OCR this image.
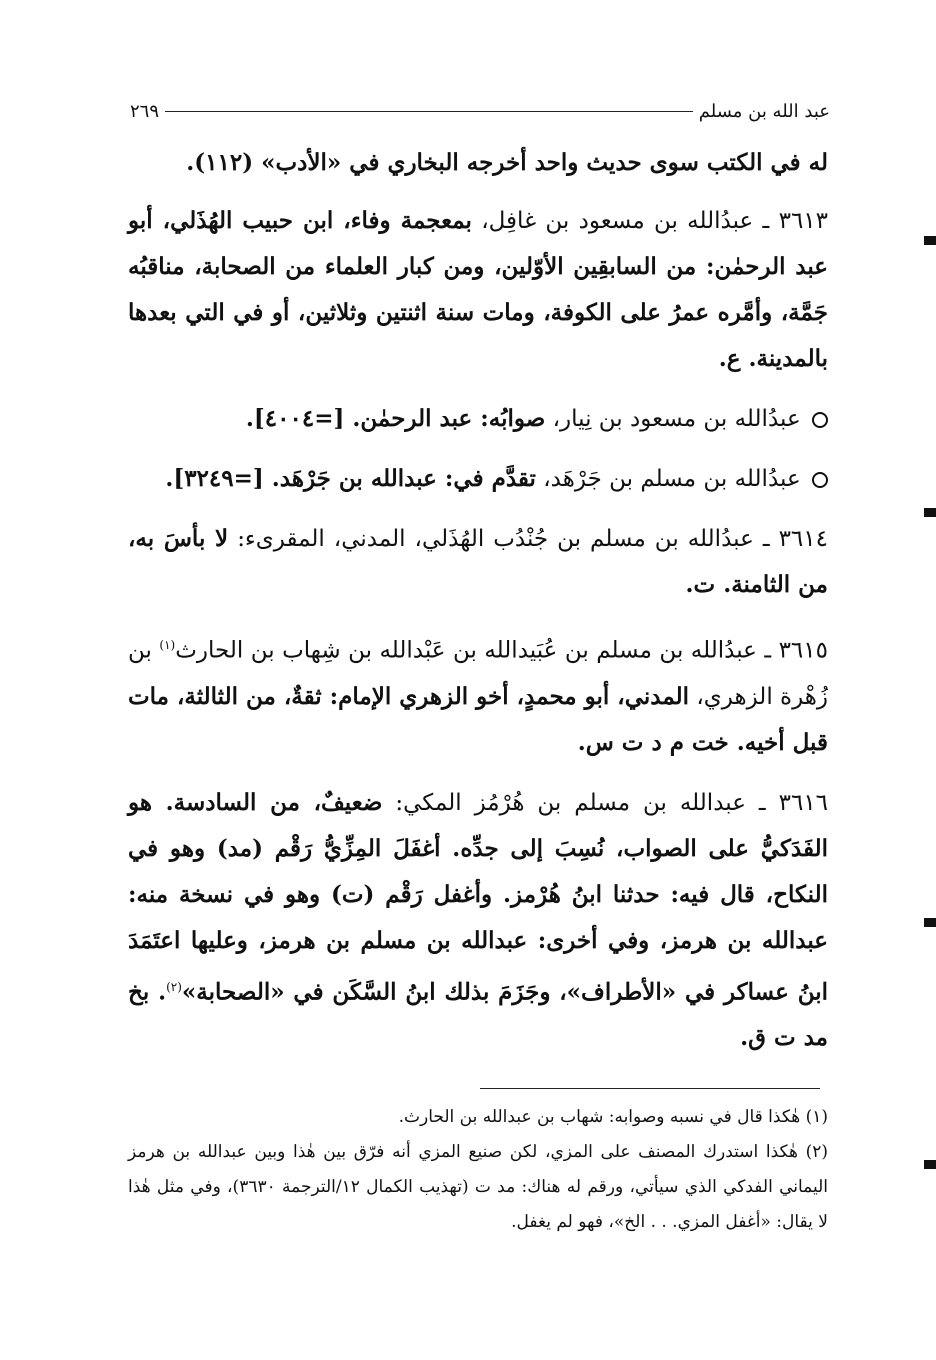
عبد الله بن مسلم
٢٦٩

له في الكتب سوى حديث واحد أخرجه البخاري في «الأدب» (١١٢).

٣٦١٣ ـ عبدُالله بن مسعود بن غافِل، بمعجمة وفاء، ابن حبيب الهُذَلي، أبو عبد الرحمٰن: من السابقِين الأوّلين، ومن كبار العلماء من الصحابة، مناقبُه جَمَّة، وأمَّره عمرُ على الكوفة، ومات سنة اثنتين وثلاثين، أو في التي بعدها بالمدينة. ع.

عبدُالله بن مسعود بن نِيار، صوابُه: عبد الرحمٰن. [=٤٠٠٤].

عبدُالله بن مسلم بن جَرْهَد، تقدَّم في: عبدالله بن جَرْهَد. [=٣٢٤٩].

٣٦١٤ ـ عبدُالله بن مسلم بن جُنْدُب الهُذَلي، المدني، المقرىء: لا بأسَ به، من الثامنة. ت.

٣٦١٥ ـ عبدُالله بن مسلم بن عُبَيدالله بن عَبْدالله بن شِهاب بن الحارث$^{(١)}$ بن زُهْرة الزهري، المدني، أبو محمدٍ، أخو الزهري الإمام: ثقةٌ، من الثالثة، مات قبل أخيه. خت م د ت س.

٣٦١٦ ـ عبدالله بن مسلم بن هُرْمُز المكي: ضعيفٌ، من السادسة. هو الفَدَكيُّ على الصواب، نُسِبَ إلى جدِّه. أغفَلَ المِزِّيُّ رَقْم (مد) وهو في النكاح، قال فيه: حدثنا ابنُ هُرْمز. وأغفل رَقْم (ت) وهو في نسخة منه: عبدالله بن هرمز، وفي أخرى: عبدالله بن مسلم بن هرمز، وعليها اعتَمَدَ ابنُ عساكر في «الأطراف»، وجَزَمَ بذلك ابنُ السَّكَن في «الصحابة»$^{(٢)}$. بخ مد ت ق.

(١) هٰكذا قال في نسبه وصوابه: شهاب بن عبدالله بن الحارث.

(٢) هٰكذا استدرك المصنف على المزي، لكن صنيع المزي أنه فرّق بين هٰذا وبين عبدالله بن هرمز اليماني الفدكي الذي سيأتي، ورقم له هناك: مد ت (تهذيب الكمال ١٢/الترجمة ٣٦٣٠)، وفي مثل هٰذا لا يقال: «أغفل المزي. . . الخ»، فهو لم يغفل.
